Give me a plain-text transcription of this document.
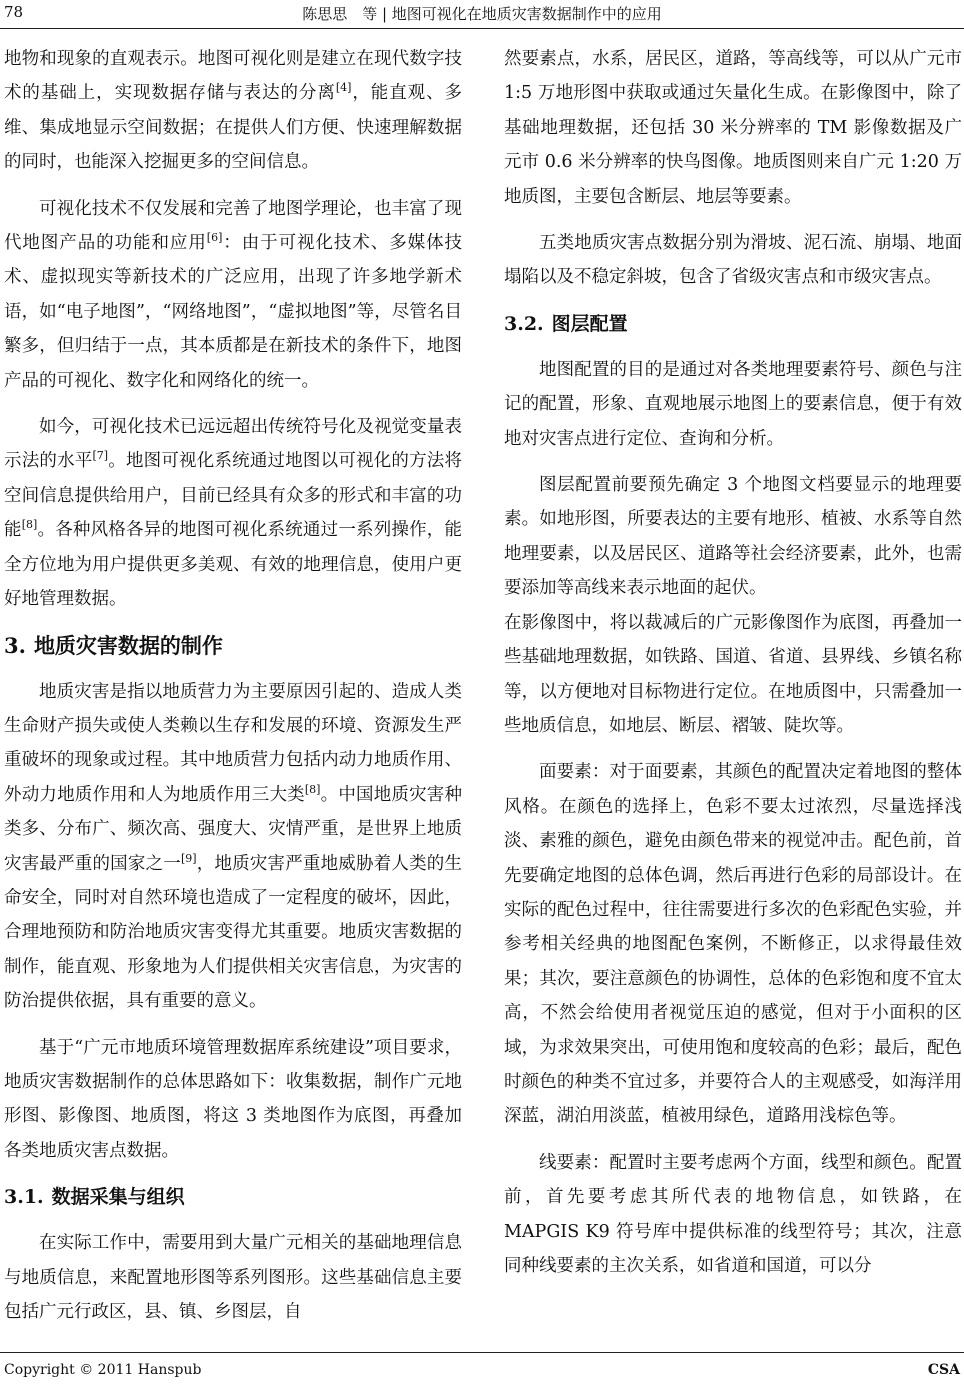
78	陈思思　等 | 地图可视化在地质灾害数据制作中的应用

地物和现象的直观表示。地图可视化则是建立在现代数字技术的基础上，实现数据存储与表达的分离[4]，能直观、多维、集成地显示空间数据；在提供人们方便、快速理解数据的同时，也能深入挖掘更多的空间信息。

可视化技术不仅发展和完善了地图学理论，也丰富了现代地图产品的功能和应用[6]：由于可视化技术、多媒体技术、虚拟现实等新技术的广泛应用，出现了许多地学新术语，如“电子地图”，“网络地图”，“虚拟地图”等，尽管名目繁多，但归结于一点，其本质都是在新技术的条件下，地图产品的可视化、数字化和网络化的统一。

如今，可视化技术已远远超出传统符号化及视觉变量表示法的水平[7]。地图可视化系统通过地图以可视化的方法将空间信息提供给用户，目前已经具有众多的形式和丰富的功能[8]。各种风格各异的地图可视化系统通过一系列操作，能全方位地为用户提供更多美观、有效的地理信息，使用户更好地管理数据。

3. 地质灾害数据的制作

地质灾害是指以地质营力为主要原因引起的、造成人类生命财产损失或使人类赖以生存和发展的环境、资源发生严重破坏的现象或过程。其中地质营力包括内动力地质作用、外动力地质作用和人为地质作用三大类[8]。中国地质灾害种类多、分布广、频次高、强度大、灾情严重，是世界上地质灾害最严重的国家之一[9]，地质灾害严重地威胁着人类的生命安全，同时对自然环境也造成了一定程度的破坏，因此，合理地预防和防治地质灾害变得尤其重要。地质灾害数据的制作，能直观、形象地为人们提供相关灾害信息，为灾害的防治提供依据，具有重要的意义。

基于“广元市地质环境管理数据库系统建设”项目要求，地质灾害数据制作的总体思路如下：收集数据，制作广元地形图、影像图、地质图，将这 3 类地图作为底图，再叠加各类地质灾害点数据。

3.1. 数据采集与组织

在实际工作中，需要用到大量广元相关的基础地理信息与地质信息，来配置地形图等系列图形。这些基础信息主要包括广元行政区，县、镇、乡图层，自

然要素点，水系，居民区，道路，等高线等，可以从广元市 1:5 万地形图中获取或通过矢量化生成。在影像图中，除了基础地理数据，还包括 30 米分辨率的 TM 影像数据及广元市 0.6 米分辨率的快鸟图像。地质图则来自广元 1:20 万地质图，主要包含断层、地层等要素。

五类地质灾害点数据分别为滑坡、泥石流、崩塌、地面塌陷以及不稳定斜坡，包含了省级灾害点和市级灾害点。

3.2. 图层配置

地图配置的目的是通过对各类地理要素符号、颜色与注记的配置，形象、直观地展示地图上的要素信息，便于有效地对灾害点进行定位、查询和分析。

图层配置前要预先确定 3 个地图文档要显示的地理要素。如地形图，所要表达的主要有地形、植被、水系等自然地理要素，以及居民区、道路等社会经济要素，此外，也需要添加等高线来表示地面的起伏。

在影像图中，将以裁减后的广元影像图作为底图，再叠加一些基础地理数据，如铁路、国道、省道、县界线、乡镇名称等，以方便地对目标物进行定位。在地质图中，只需叠加一些地质信息，如地层、断层、褶皱、陡坎等。

面要素：对于面要素，其颜色的配置决定着地图的整体风格。在颜色的选择上，色彩不要太过浓烈，尽量选择浅淡、素雅的颜色，避免由颜色带来的视觉冲击。配色前，首先要确定地图的总体色调，然后再进行色彩的局部设计。在实际的配色过程中，往往需要进行多次的色彩配色实验，并参考相关经典的地图配色案例，不断修正，以求得最佳效果；其次，要注意颜色的协调性，总体的色彩饱和度不宜太高，不然会给使用者视觉压迫的感觉，但对于小面积的区域，为求效果突出，可使用饱和度较高的色彩；最后，配色时颜色的种类不宜过多，并要符合人的主观感受，如海洋用深蓝，湖泊用淡蓝，植被用绿色，道路用浅棕色等。

线要素：配置时主要考虑两个方面，线型和颜色。配置前，首先要考虑其所代表的地物信息，如铁路，在 MAPGIS K9 符号库中提供标准的线型符号；其次，注意同种线要素的主次关系，如省道和国道，可以分

Copyright © 2011 Hanspub	CSA
